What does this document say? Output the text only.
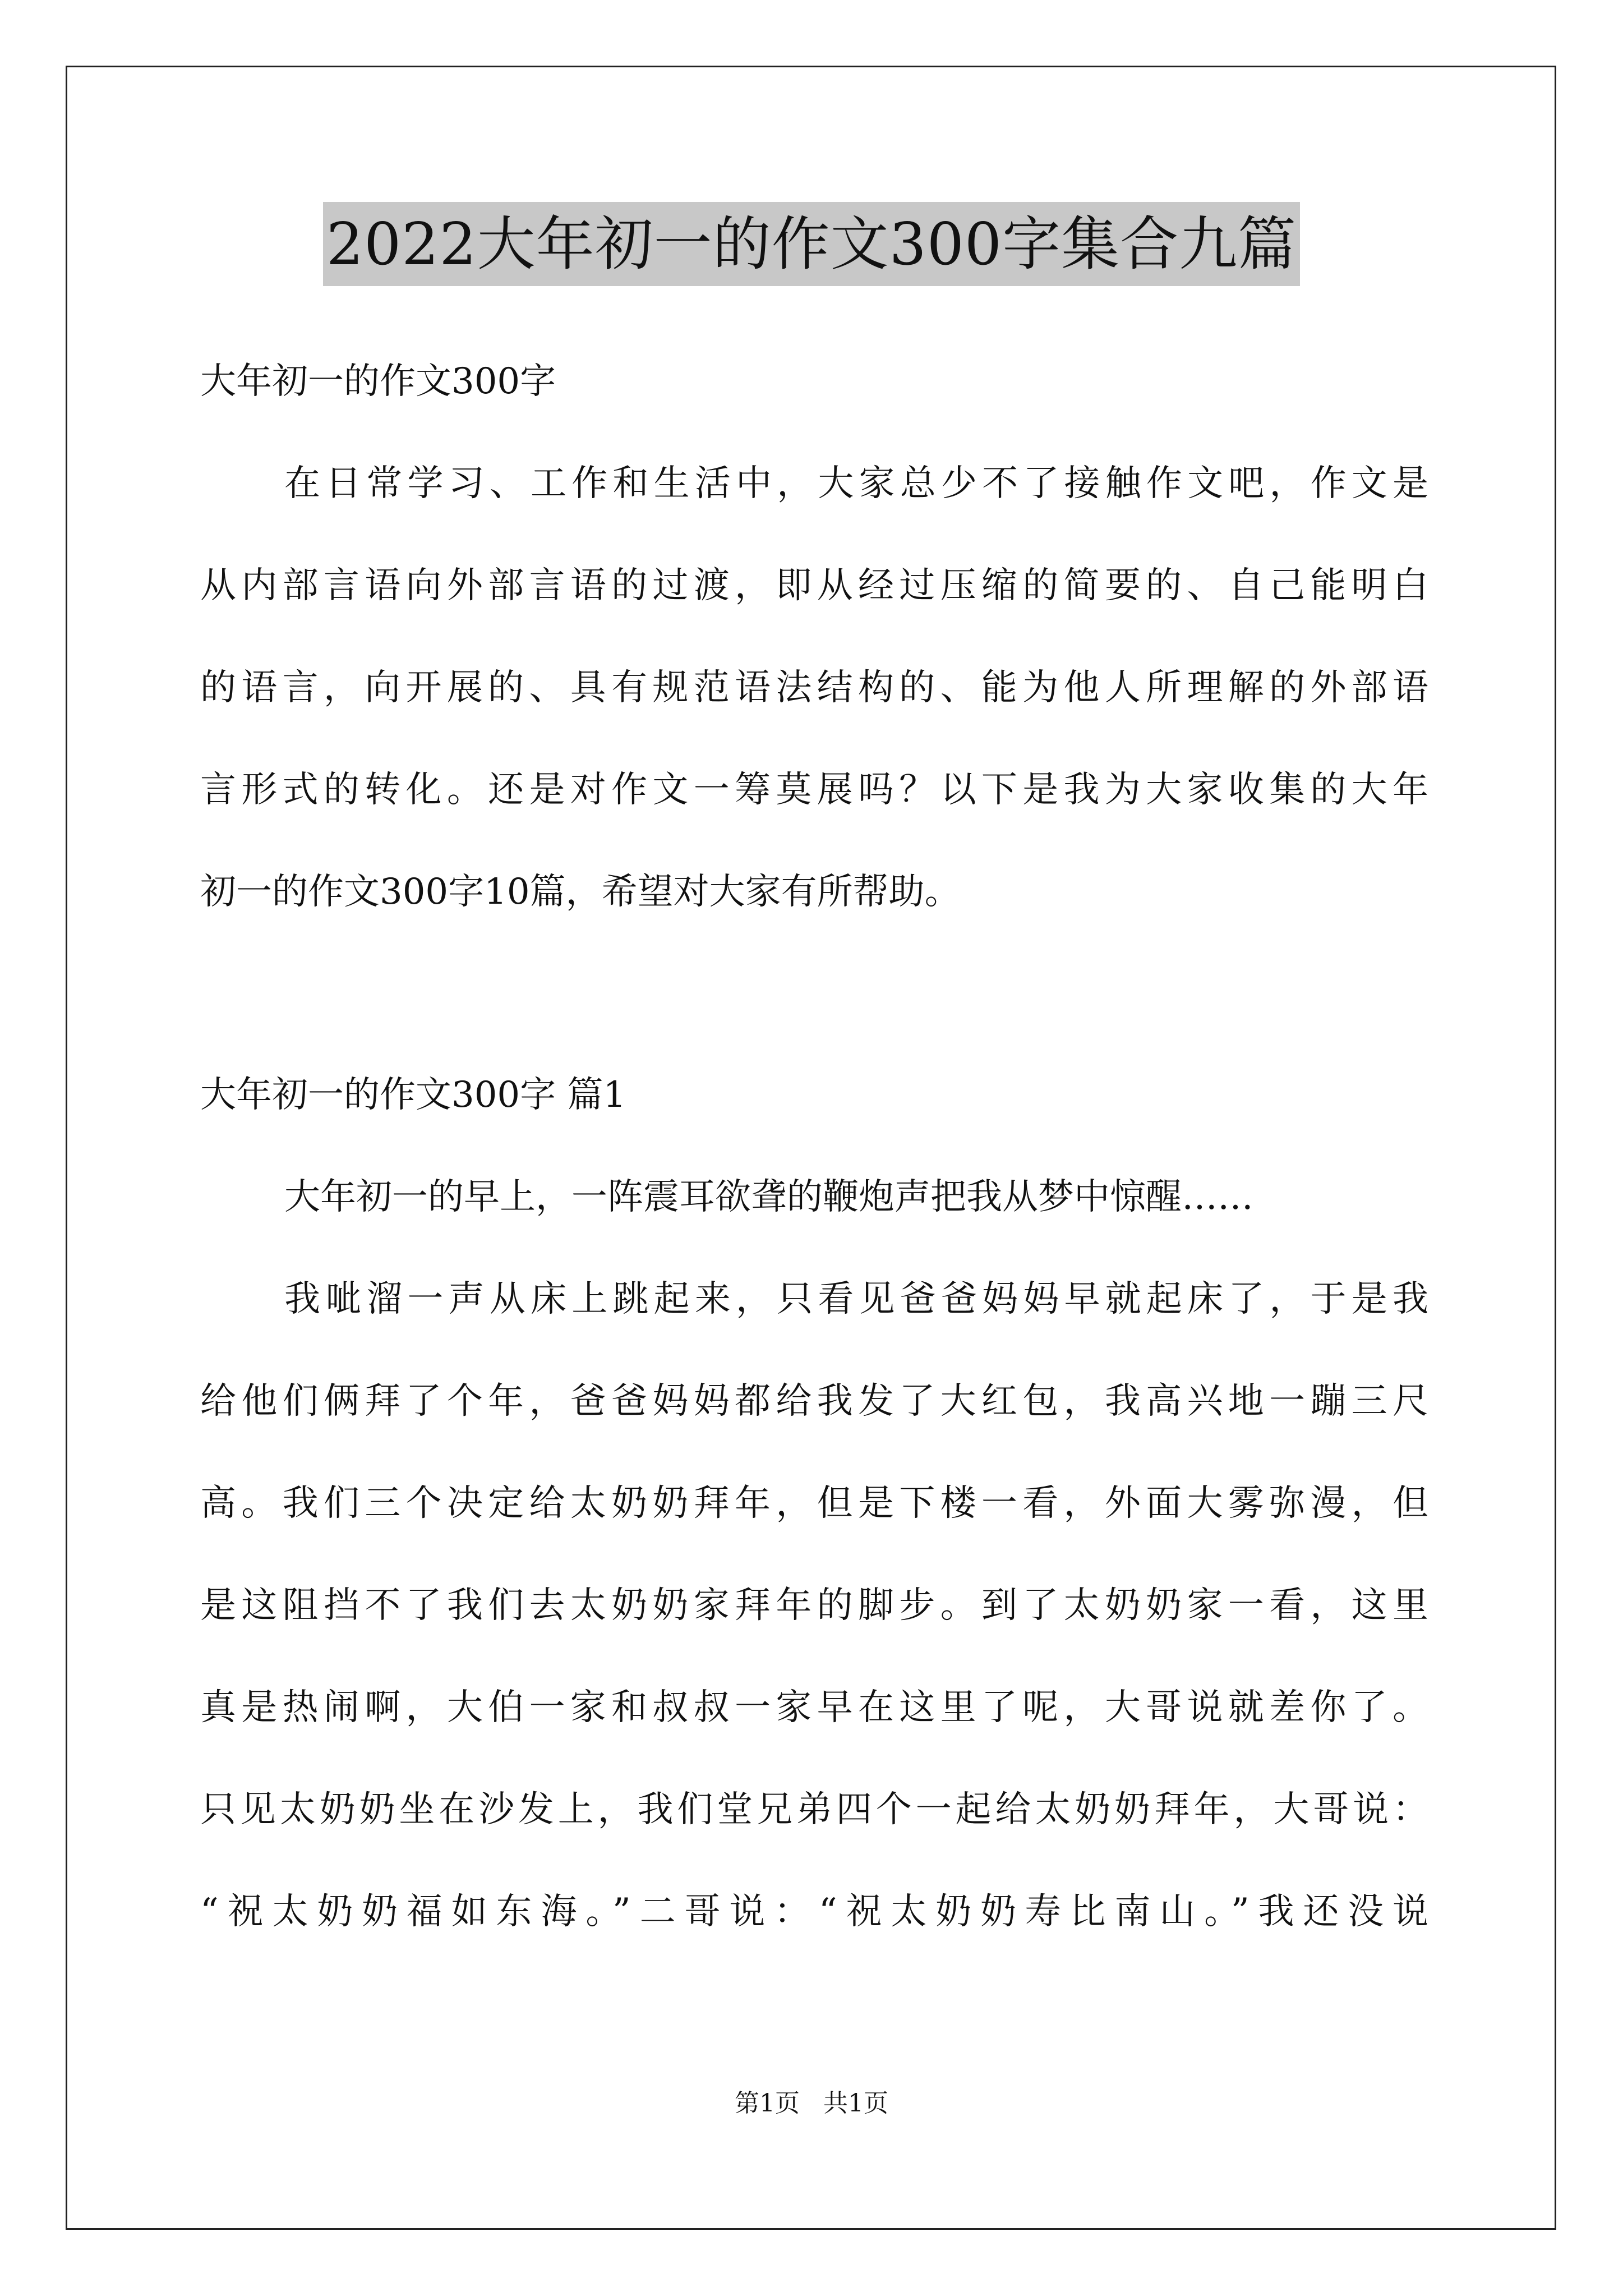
2022大年初一的作文300字集合九篇
大年初一的作文300字
在日常学习、工作和生活中，大家总少不了接触作文吧，作文是
从内部言语向外部言语的过渡，即从经过压缩的简要的、自己能明白
的语言，向开展的、具有规范语法结构的、能为他人所理解的外部语
言形式的转化。还是对作文一筹莫展吗？以下是我为大家收集的大年
初一的作文300字10篇，希望对大家有所帮助。
大年初一的作文300字 篇1
大年初一的早上，一阵震耳欲聋的鞭炮声把我从梦中惊醒……
我呲溜一声从床上跳起来，只看见爸爸妈妈早就起床了，于是我
给他们俩拜了个年，爸爸妈妈都给我发了大红包，我高兴地一蹦三尺
高。我们三个决定给太奶奶拜年，但是下楼一看，外面大雾弥漫，但
是这阻挡不了我们去太奶奶家拜年的脚步。到了太奶奶家一看，这里
真是热闹啊，大伯一家和叔叔一家早在这里了呢，大哥说就差你了。
只见太奶奶坐在沙发上，我们堂兄弟四个一起给太奶奶拜年，大哥说：
“祝太奶奶福如东海。”二哥说：“祝太奶奶寿比南山。”我还没说
第1页   共1页
